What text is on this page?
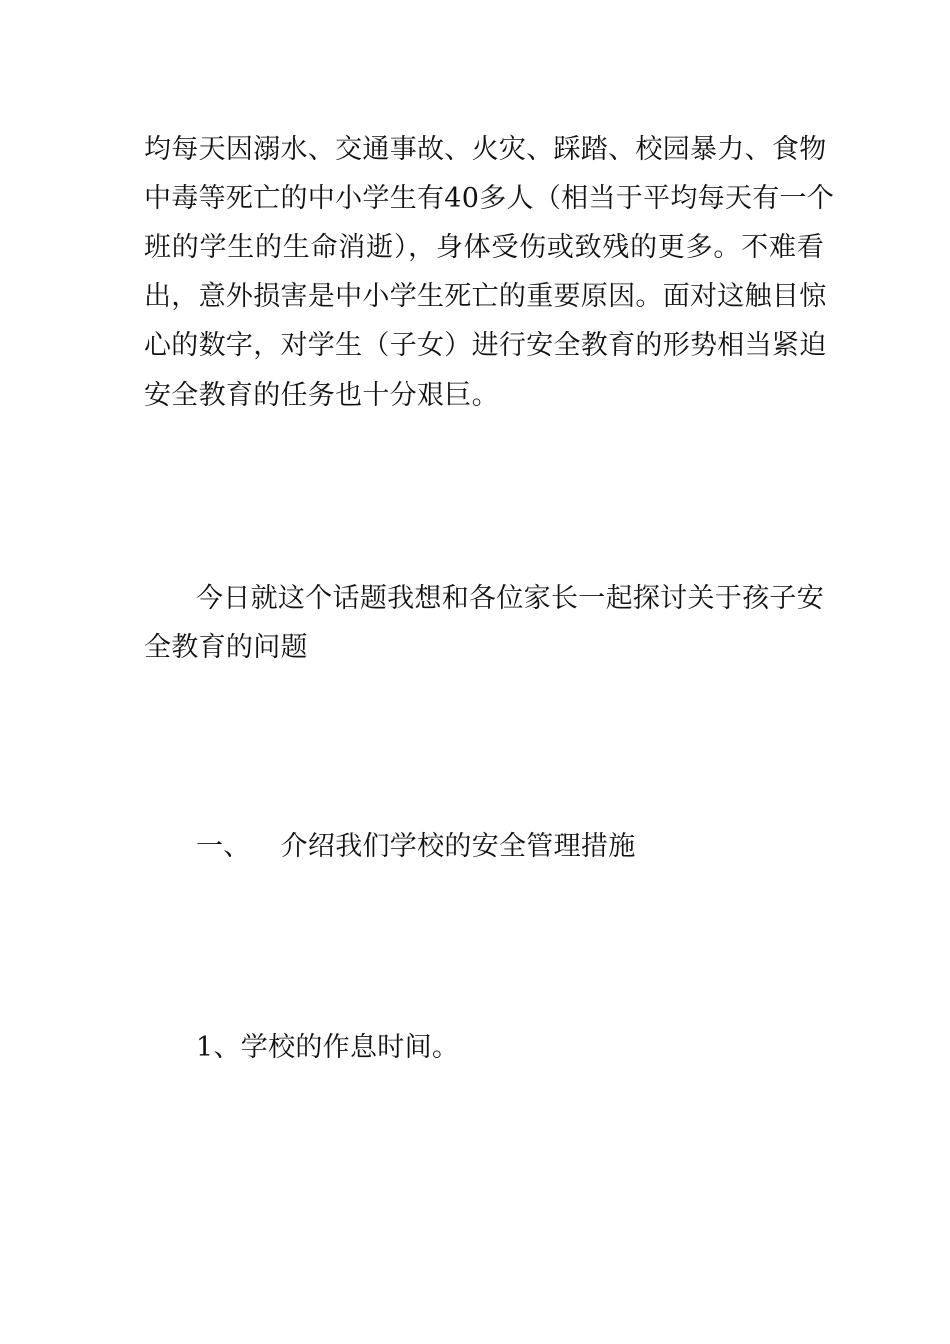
均每天因溺水、交通事故、火灾、踩踏、校园暴力、食物
中毒等死亡的中小学生有40多人（相当于平均每天有一个
班的学生的生命消逝），身体受伤或致残的更多。不难看
出，意外损害是中小学生死亡的重要原因。面对这触目惊
心的数字，对学生（子女）进行安全教育的形势相当紧迫
安全教育的任务也十分艰巨。
今日就这个话题我想和各位家长一起探讨关于孩子安
全教育的问题
一、 介绍我们学校的安全管理措施
1、学校的作息时间。
